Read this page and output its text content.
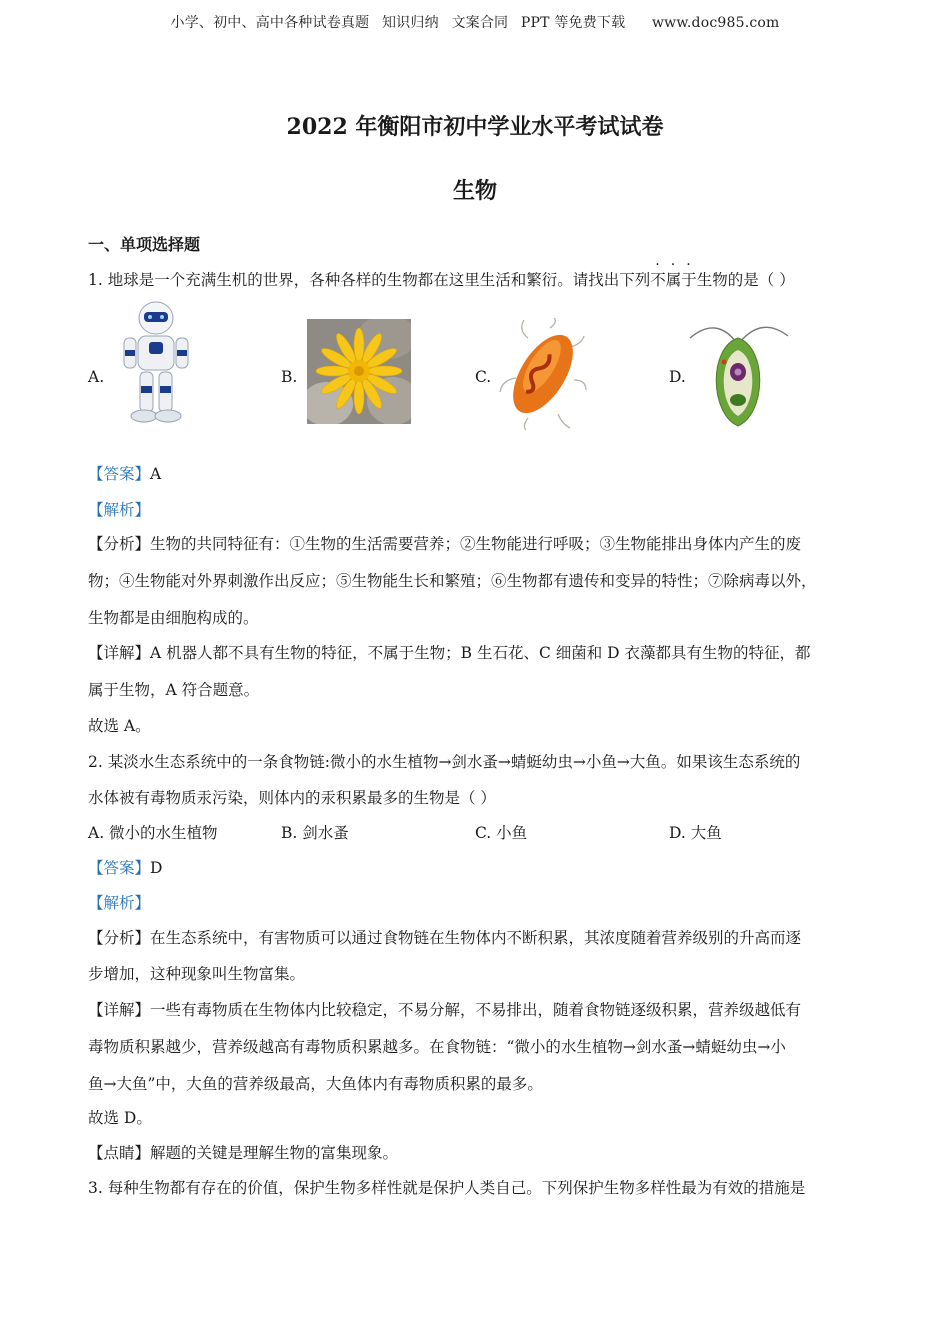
小学、初中、高中各种试卷真题 知识归纳 文案合同 PPT 等免费下载 www.doc985.com
2022 年衡阳市初中学业水平考试试卷
生物
一、单项选择题
1. 地球是一个充满生机的世界，各种各样的生物都在这里生活和繁衍。请找出下列不属于生物的是（ ）
A.	B.	C.	D.
【答案】A
【解析】
【分析】生物的共同特征有：①生物的生活需要营养；②生物能进行呼吸；③生物能排出身体内产生的废
物；④生物能对外界刺激作出反应；⑤生物能生长和繁殖；⑥生物都有遗传和变异的特性；⑦除病毒以外，
生物都是由细胞构成的。
【详解】A 机器人都不具有生物的特征，不属于生物；B 生石花、C 细菌和 D 衣藻都具有生物的特征，都
属于生物，A 符合题意。
故选 A。
2. 某淡水生态系统中的一条食物链:微小的水生植物→剑水蚤→蜻蜓幼虫→小鱼→大鱼。如果该生态系统的
水体被有毒物质汞污染，则体内的汞积累最多的生物是（ ）
A. 微小的水生植物	B. 剑水蚤	C. 小鱼	D. 大鱼
【答案】D
【解析】
【分析】在生态系统中，有害物质可以通过食物链在生物体内不断积累，其浓度随着营养级别的升高而逐
步增加，这种现象叫生物富集。
【详解】一些有毒物质在生物体内比较稳定，不易分解，不易排出，随着食物链逐级积累，营养级越低有
毒物质积累越少，营养级越高有毒物质积累越多。在食物链：“微小的水生植物→剑水蚤→蜻蜓幼虫→小
鱼→大鱼”中，大鱼的营养级最高，大鱼体内有毒物质积累的最多。
故选 D。
【点睛】解题的关键是理解生物的富集现象。
3. 每种生物都有存在的价值，保护生物多样性就是保护人类自己。下列保护生物多样性最为有效的措施是
